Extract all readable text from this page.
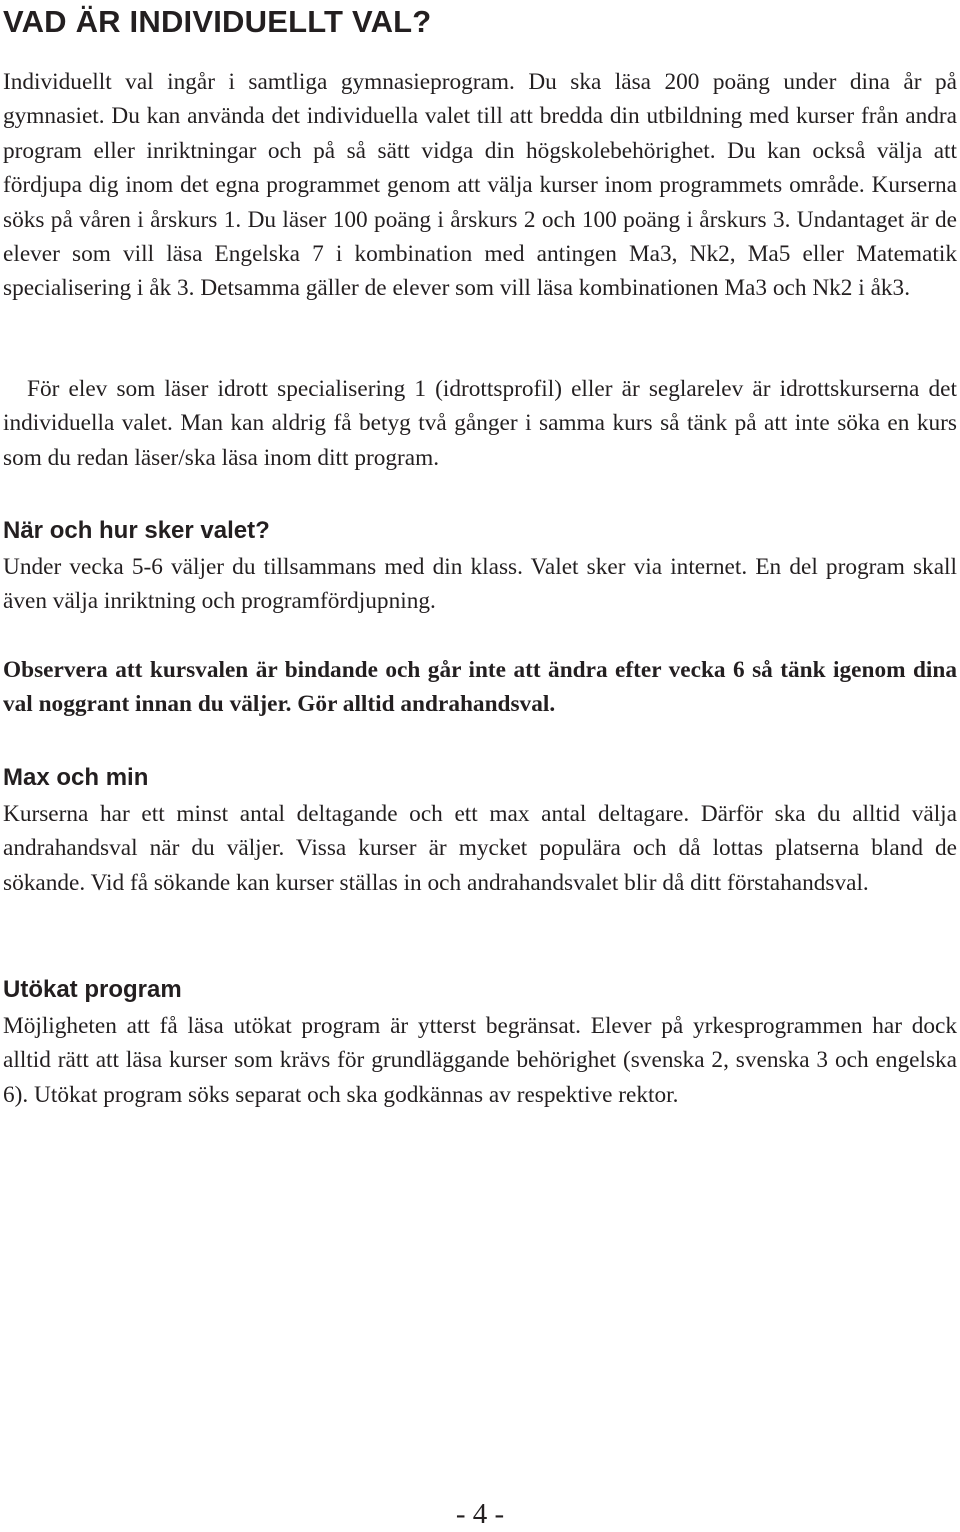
VAD ÄR INDIVIDUELLT VAL?

Individuellt val ingår i samtliga gymnasieprogram. Du ska läsa 200 poäng under dina år på gymnasiet. Du kan använda det individuella valet till att bredda din utbildning med kurser från andra program eller inriktningar och på så sätt vidga din högskolebehörighet. Du kan också välja att fördjupa dig inom det egna programmet genom att välja kurser inom programmets område. Kurserna söks på våren i årskurs 1. Du läser 100 poäng i årskurs 2 och 100 poäng i årskurs 3. Undantaget är de elever som vill läsa Engelska 7 i kombination med antingen Ma3, Nk2, Ma5 eller Matematik specialisering i åk 3. Detsamma gäller de elever som vill läsa kombinationen Ma3 och Nk2 i åk3.

För elev som läser idrott specialisering 1 (idrottsprofil) eller är seglarelev är idrottskurserna det individuella valet. Man kan aldrig få betyg två gånger i samma kurs så tänk på att inte söka en kurs som du redan läser/ska läsa inom ditt program.

När och hur sker valet?

Under vecka 5-6 väljer du tillsammans med din klass. Valet sker via internet. En del program skall även välja inriktning och programfördjupning.

Observera att kursvalen är bindande och går inte att ändra efter vecka 6 så tänk igenom dina val noggrant innan du väljer. Gör alltid andrahandsval.

Max och min

Kurserna har ett minst antal deltagande och ett max antal deltagare. Därför ska du alltid välja andrahandsval när du väljer. Vissa kurser är mycket populära och då lottas platserna bland de sökande. Vid få sökande kan kurser ställas in och andrahandsvalet blir då ditt förstahandsval.

Utökat program

Möjligheten att få läsa utökat program är ytterst begränsat. Elever på yrkesprogrammen har dock alltid rätt att läsa kurser som krävs för grundläggande behörighet (svenska 2, svenska 3 och engelska 6). Utökat program söks separat och ska godkännas av respektive rektor.

- 4 -
